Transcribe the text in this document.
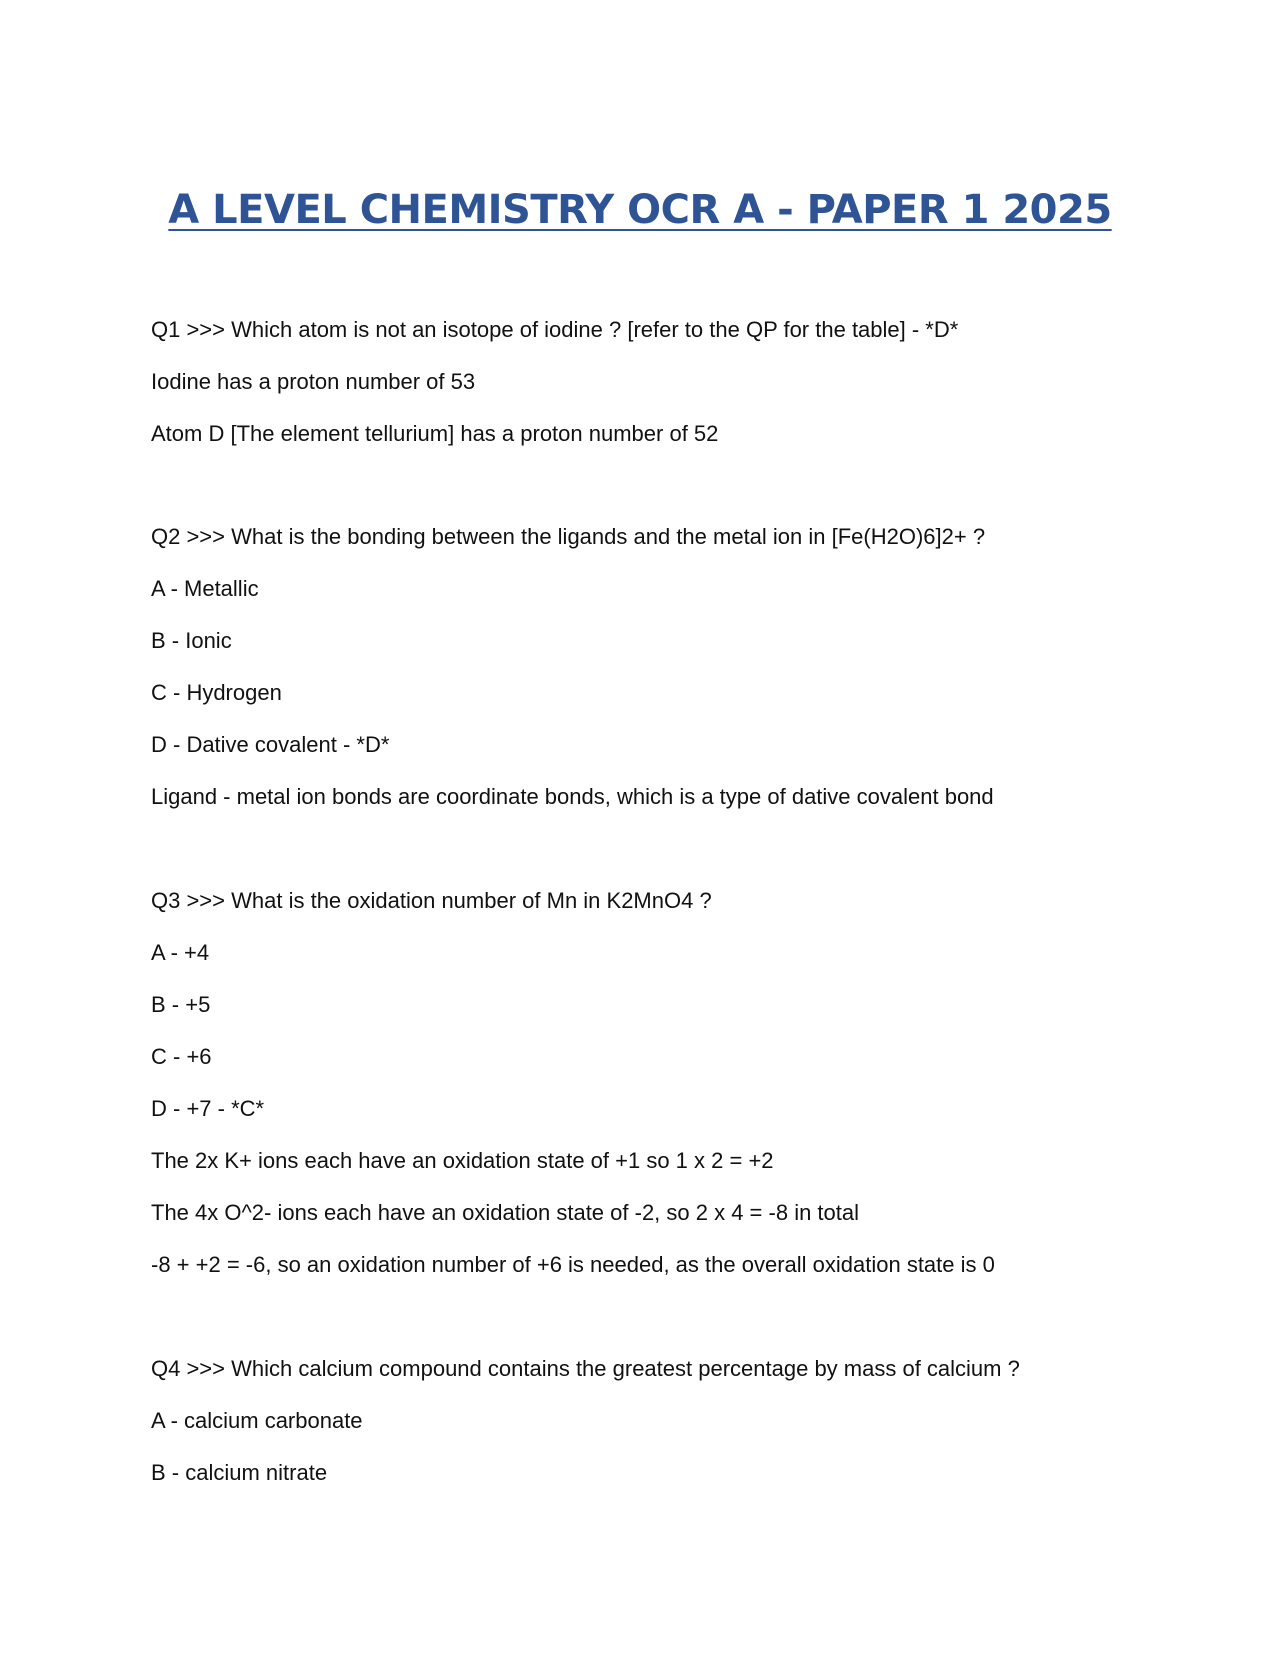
A LEVEL CHEMISTRY OCR A - PAPER 1 2025

Q1 >>> Which atom is not an isotope of iodine ? [refer to the QP for the table] - *D*

Iodine has a proton number of 53

Atom D [The element tellurium] has a proton number of 52

Q2 >>> What is the bonding between the ligands and the metal ion in [Fe(H2O)6]2+ ?

A - Metallic

B - Ionic

C - Hydrogen

D - Dative covalent - *D*

Ligand - metal ion bonds are coordinate bonds, which is a type of dative covalent bond

Q3 >>> What is the oxidation number of Mn in K2MnO4 ?

A - +4

B - +5

C - +6

D - +7 - *C*

The 2x K+ ions each have an oxidation state of +1 so 1 x 2 = +2

The 4x O^2- ions each have an oxidation state of -2, so 2 x 4 = -8 in total

-8 + +2 = -6, so an oxidation number of +6 is needed, as the overall oxidation state is 0

Q4 >>> Which calcium compound contains the greatest percentage by mass of calcium ?

A - calcium carbonate

B - calcium nitrate
